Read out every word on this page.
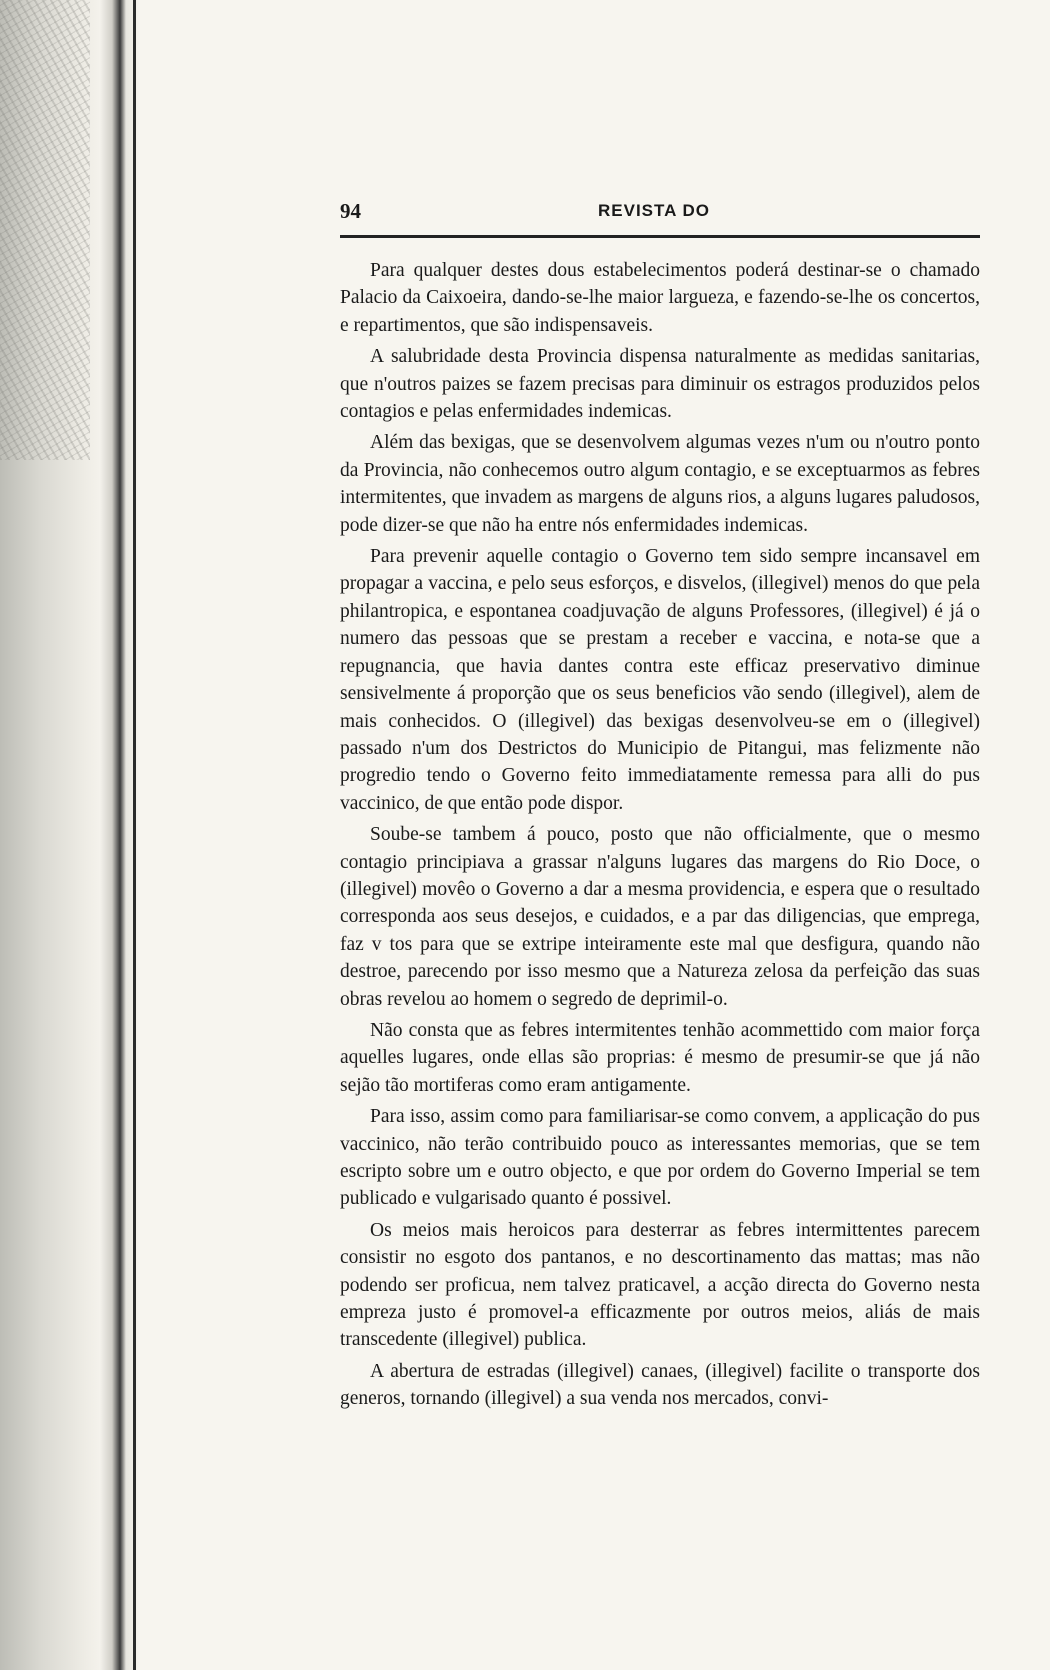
94	REVISTA DO

Para qualquer destes dous estabelecimentos poderá destinar-se o chamado Palacio da Caixoeira, dando-se-lhe maior largueza, e fazendo-se-lhe os concertos, e repartimentos, que são indispensaveis.

A salubridade desta Provincia dispensa naturalmente as medidas sanitarias, que n'outros paizes se fazem precisas para diminuir os estragos produzidos pelos contagios e pelas enfermidades indemicas.

Além das bexigas, que se desenvolvem algumas vezes n'um ou n'outro ponto da Provincia, não conhecemos outro algum contagio, e se exceptuarmos as febres intermitentes, que invadem as margens de alguns rios, a alguns lugares paludosos, pode dizer-se que não ha entre nós enfermidades indemicas.

Para prevenir aquelle contagio o Governo tem sido sempre incansavel em propagar a vaccina, e pelo seus esforços, e disvelos, (illegivel) menos do que pela philantropica, e espontanea coadjuvação de alguns Professores, (illegivel) é já o numero das pessoas que se prestam a receber e vaccina, e nota-se que a repugnancia, que havia dantes contra este efficaz preservativo diminue sensivelmente á proporção que os seus beneficios vão sendo (illegivel), alem de mais conhecidos. O (illegivel) das bexigas desenvolveu-se em o (illegivel) passado n'um dos Destrictos do Municipio de Pitangui, mas felizmente não progredio tendo o Governo feito immediatamente remessa para alli do pus vaccinico, de que então pode dispor.

Soube-se tambem á pouco, posto que não officialmente, que o mesmo contagio principiava a grassar n'alguns lugares das margens do Rio Doce, o (illegivel) movêo o Governo a dar a mesma providencia, e espera que o resultado corresponda aos seus desejos, e cuidados, e a par das diligencias, que emprega, faz v tos para que se extripe inteiramente este mal que desfigura, quando não destroe, parecendo por isso mesmo que a Natureza zelosa da perfeição das suas obras revelou ao homem o segredo de deprimil-o.

Não consta que as febres intermitentes tenhão acommettido com maior força aquelles lugares, onde ellas são proprias: é mesmo de presumir-se que já não sejão tão mortiferas como eram antigamente.

Para isso, assim como para familiarisar-se como convem, a applicação do pus vaccinico, não terão contribuido pouco as interessantes memorias, que se tem escripto sobre um e outro objecto, e que por ordem do Governo Imperial se tem publicado e vulgarisado quanto é possivel.

Os meios mais heroicos para desterrar as febres intermittentes parecem consistir no esgoto dos pantanos, e no descortinamento das mattas; mas não podendo ser proficua, nem talvez praticavel, a acção directa do Governo nesta empreza justo é promovel-a efficazmente por outros meios, aliás de mais transcedente (illegivel) publica.

A abertura de estradas (illegivel) canaes, (illegivel) facilite o transporte dos generos, tornando (illegivel) a sua venda nos mercados, convi-
